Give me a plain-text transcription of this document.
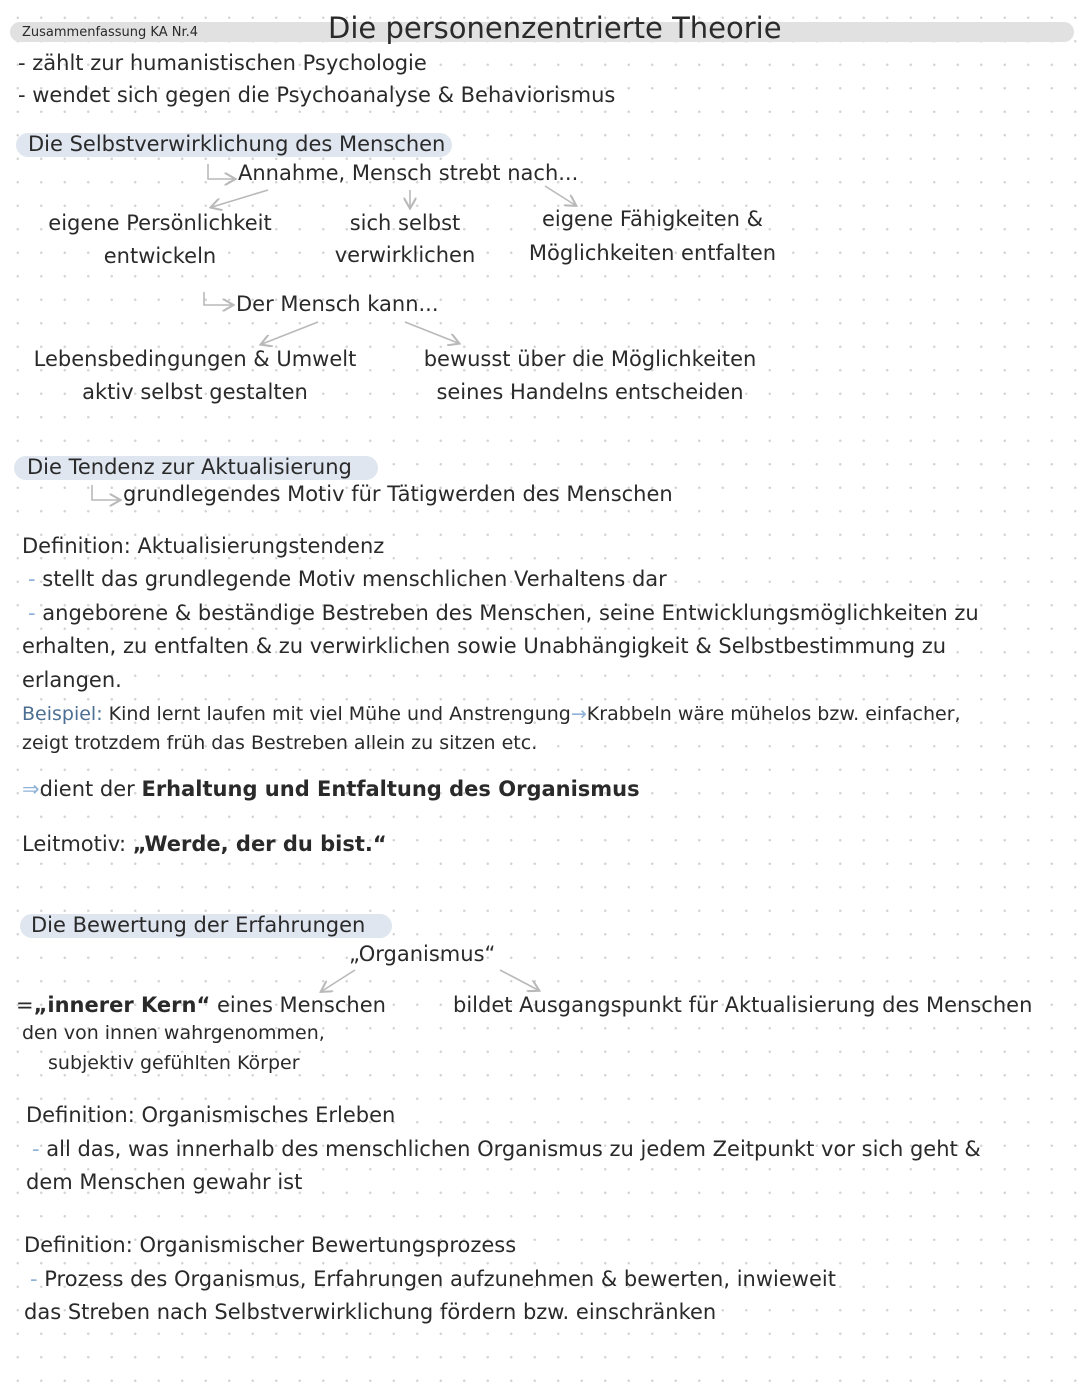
Zusammenfassung KA Nr.4	Die personenzentrierte Theorie
- zählt zur humanistischen Psychologie
- wendet sich gegen die Psychoanalyse & Behaviorismus
Die Selbstverwirklichung des Menschen
Annahme, Mensch strebt nach...
eigene Persönlichkeit
entwickeln
sich selbst
verwirklichen
eigene Fähigkeiten &
Möglichkeiten entfalten
Der Mensch kann...
Lebensbedingungen & Umwelt
aktiv selbst gestalten
bewusst über die Möglichkeiten
seines Handelns entscheiden
Die Tendenz zur Aktualisierung
grundlegendes Motiv für Tätigwerden des Menschen
Definition: Aktualisierungstendenz
- stellt das grundlegende Motiv menschlichen Verhaltens dar
- angeborene & beständige Bestreben des Menschen, seine Entwicklungsmöglichkeiten zu
erhalten, zu entfalten & zu verwirklichen sowie Unabhängigkeit & Selbstbestimmung zu
erlangen.
Beispiel: Kind lernt laufen mit viel Mühe und Anstrengung→Krabbeln wäre mühelos bzw. einfacher,
zeigt trotzdem früh das Bestreben allein zu sitzen etc.
⇒dient der Erhaltung und Entfaltung des Organismus
Leitmotiv: „Werde, der du bist.“
Die Bewertung der Erfahrungen
„Organismus“
=„innerer Kern“ eines Menschen
den von innen wahrgenommen,
subjektiv gefühlten Körper
bildet Ausgangspunkt für Aktualisierung des Menschen
Definition: Organismisches Erleben
- all das, was innerhalb des menschlichen Organismus zu jedem Zeitpunkt vor sich geht &
dem Menschen gewahr ist
Definition: Organismischer Bewertungsprozess
- Prozess des Organismus, Erfahrungen aufzunehmen & bewerten, inwieweit
das Streben nach Selbstverwirklichung fördern bzw. einschränken
